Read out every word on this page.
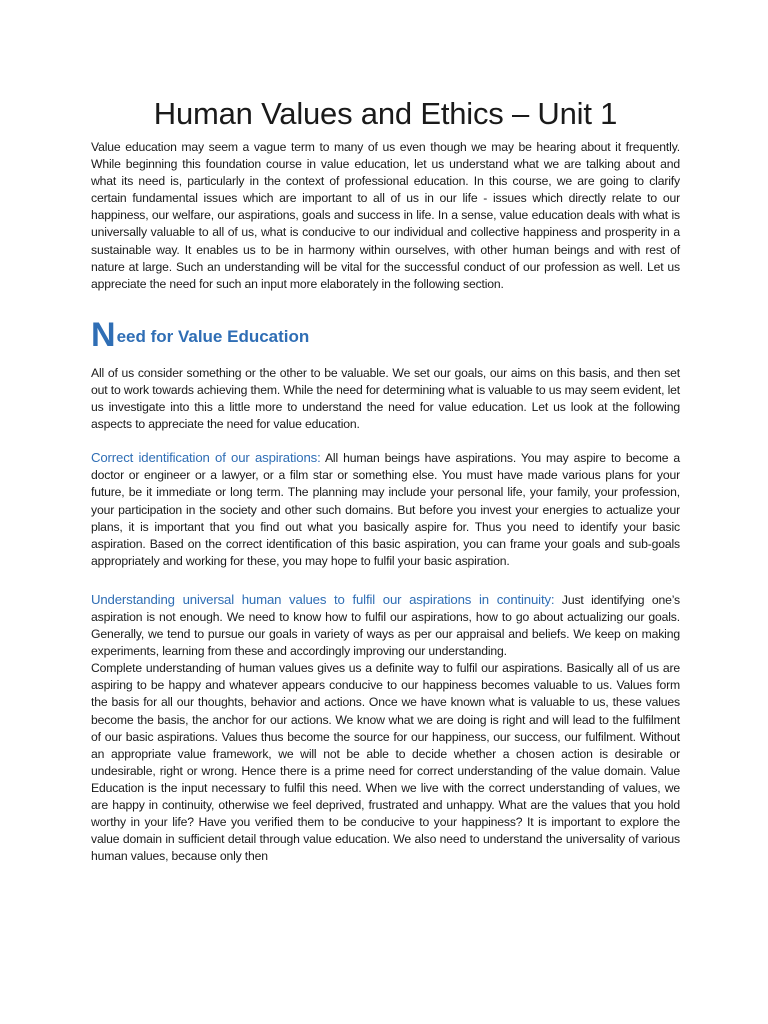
Human Values and Ethics – Unit 1

Value education may seem a vague term to many of us even though we may be hearing about it frequently. While beginning this foundation course in value education, let us understand what we are talking about and what its need is, particularly in the context of professional education. In this course, we are going to clarify certain fundamental issues which are important to all of us in our life - issues which directly relate to our happiness, our welfare, our aspirations, goals and success in life. In a sense, value education deals with what is universally valuable to all of us, what is conducive to our individual and collective happiness and prosperity in a sustainable way. It enables us to be in harmony within ourselves, with other human beings and with rest of nature at large. Such an understanding will be vital for the successful conduct of our profession as well. Let us appreciate the need for such an input more elaborately in the following section.

Need for Value Education

All of us consider something or the other to be valuable. We set our goals, our aims on this basis, and then set out to work towards achieving them. While the need for determining what is valuable to us may seem evident, let us investigate into this a little more to understand the need for value education. Let us look at the following aspects to appreciate the need for value education.

Correct identification of our aspirations: All human beings have aspirations. You may aspire to become a doctor or engineer or a lawyer, or a film star or something else. You must have made various plans for your future, be it immediate or long term. The planning may include your personal life, your family, your profession, your participation in the society and other such domains. But before you invest your energies to actualize your plans, it is important that you find out what you basically aspire for. Thus you need to identify your basic aspiration. Based on the correct identification of this basic aspiration, you can frame your goals and sub-goals appropriately and working for these, you may hope to fulfil your basic aspiration.

Understanding universal human values to fulfil our aspirations in continuity: Just identifying one’s aspiration is not enough. We need to know how to fulfil our aspirations, how to go about actualizing our goals. Generally, we tend to pursue our goals in variety of ways as per our appraisal and beliefs. We keep on making experiments, learning from these and accordingly improving our understanding.

Complete understanding of human values gives us a definite way to fulfil our aspirations. Basically all of us are aspiring to be happy and whatever appears conducive to our happiness becomes valuable to us. Values form the basis for all our thoughts, behavior and actions. Once we have known what is valuable to us, these values become the basis, the anchor for our actions. We know what we are doing is right and will lead to the fulfilment of our basic aspirations. Values thus become the source for our happiness, our success, our fulfilment. Without an appropriate value framework, we will not be able to decide whether a chosen action is desirable or undesirable, right or wrong. Hence there is a prime need for correct understanding of the value domain. Value Education is the input necessary to fulfil this need. When we live with the correct understanding of values, we are happy in continuity, otherwise we feel deprived, frustrated and unhappy. What are the values that you hold worthy in your life? Have you verified them to be conducive to your happiness? It is important to explore the value domain in sufficient detail through value education. We also need to understand the universality of various human values, because only then
